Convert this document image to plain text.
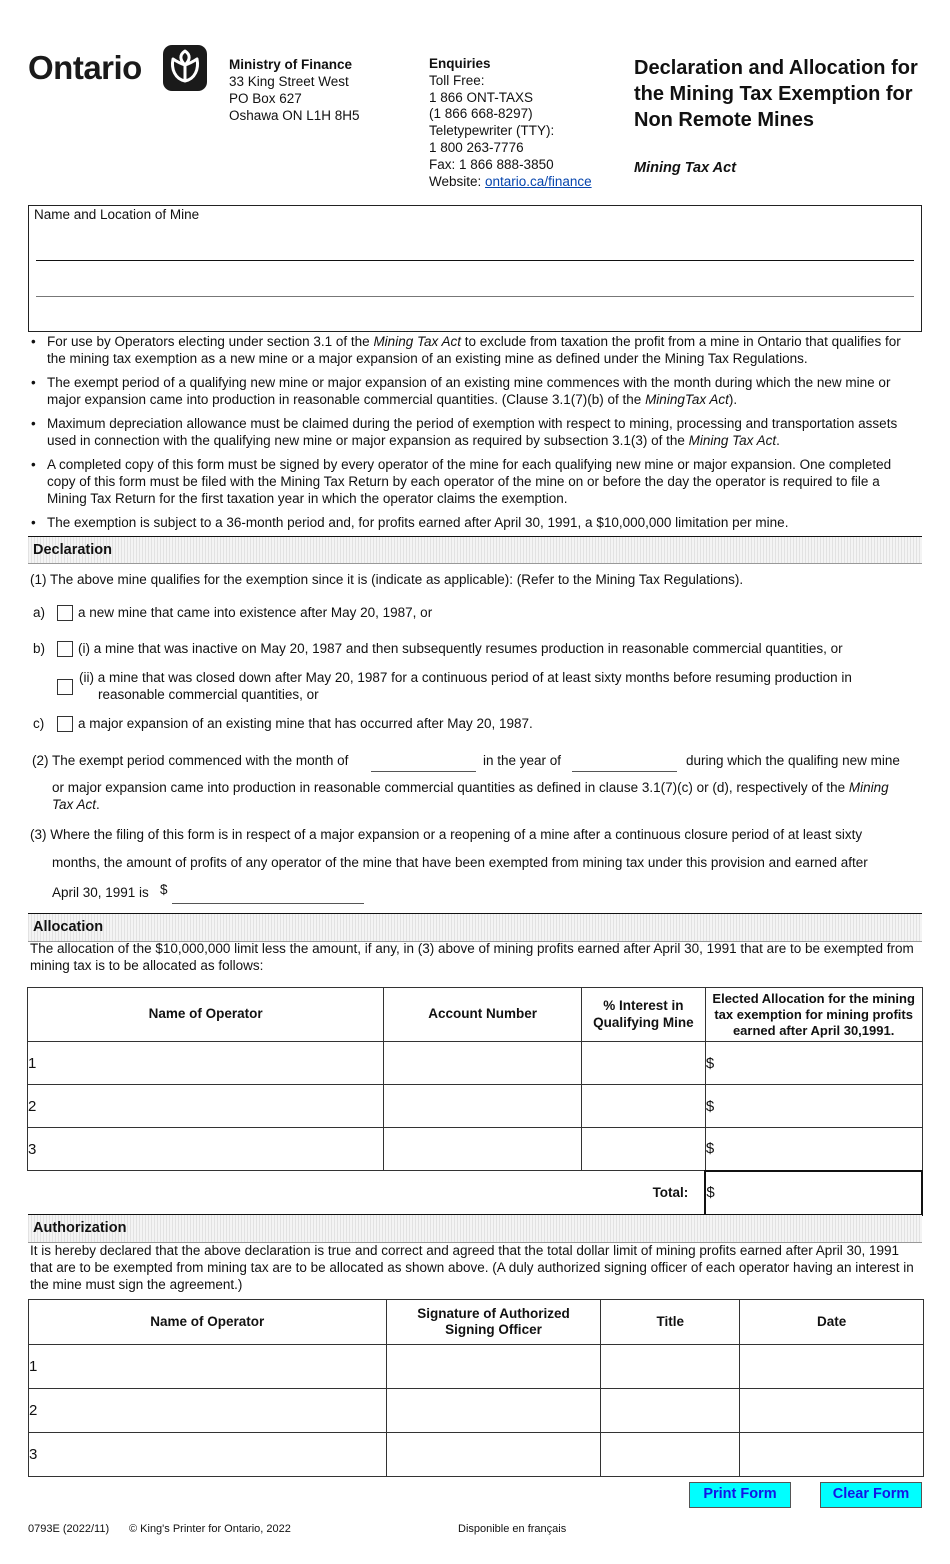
Ontario	Ministry of Finance
33 King Street West
PO Box 627
Oshawa ON L1H 8H5
Enquiries
Toll Free:
1 866 ONT-TAXS
(1 866 668-8297)
Teletypewriter (TTY):
1 800 263-7776
Fax: 1 866 888-3850
Website: ontario.ca/finance
Declaration and Allocation for the Mining Tax Exemption for Non Remote Mines
Mining Tax Act
Name and Location of Mine
• For use by Operators electing under section 3.1 of the Mining Tax Act to exclude from taxation the profit from a mine in Ontario that qualifies for the mining tax exemption as a new mine or a major expansion of an existing mine as defined under the Mining Tax Regulations.
• The exempt period of a qualifying new mine or major expansion of an existing mine commences with the month during which the new mine or major expansion came into production in reasonable commercial quantities. (Clause 3.1(7)(b) of the MiningTax Act).
• Maximum depreciation allowance must be claimed during the period of exemption with respect to mining, processing and transportation assets used in connection with the qualifying new mine or major expansion as required by subsection 3.1(3) of the Mining Tax Act.
• A completed copy of this form must be signed by every operator of the mine for each qualifying new mine or major expansion. One completed copy of this form must be filed with the Mining Tax Return by each operator of the mine on or before the day the operator is required to file a Mining Tax Return for the first taxation year in which the operator claims the exemption.
• The exemption is subject to a 36-month period and, for profits earned after April 30, 1991, a $10,000,000 limitation per mine.
Declaration
(1) The above mine qualifies for the exemption since it is (indicate as applicable): (Refer to the Mining Tax Regulations).
a) a new mine that came into existence after May 20, 1987, or
b) (i) a mine that was inactive on May 20, 1987 and then subsequently resumes production in reasonable commercial quantities, or
(ii) a mine that was closed down after May 20, 1987 for a continuous period of at least sixty months before resuming production in
reasonable commercial quantities, or
c)	a major expansion of an existing mine that has occurred after May 20, 1987.
(2) The exempt period commenced with the month of	in the year of	during which the qualifing new mine
or major expansion came into production in reasonable commercial quantities as defined in clause 3.1(7)(c) or (d), respectively of the Mining
Tax Act.
(3) Where the filing of this form is in respect of a major expansion or a reopening of a mine after a continuous closure period of at least sixty
months, the amount of profits of any operator of the mine that have been exempted from mining tax under this provision and earned after
April 30, 1991 is $
Allocation
The allocation of the $10,000,000 limit less the amount, if any, in (3) above of mining profits earned after April 30, 1991 that are to be exempted from mining tax is to be allocated as follows:
Name of Operator	Account Number	% Interest in Qualifying Mine	Elected Allocation for the mining tax exemption for mining profits earned after April 30,1991.
1			$
2			$
3			$
Total:			$
Authorization
It is hereby declared that the above declaration is true and correct and agreed that the total dollar limit of mining profits earned after April 30, 1991 that are to be exempted from mining tax are to be allocated as shown above. (A duly authorized signing officer of each operator having an interest in the mine must sign the agreement.)
Name of Operator	Signature of Authorized Signing Officer	Title	Date
1			
2			
3			
Print Form	Clear Form
0793E (2022/11) © King's Printer for Ontario, 2022	Disponible en français
